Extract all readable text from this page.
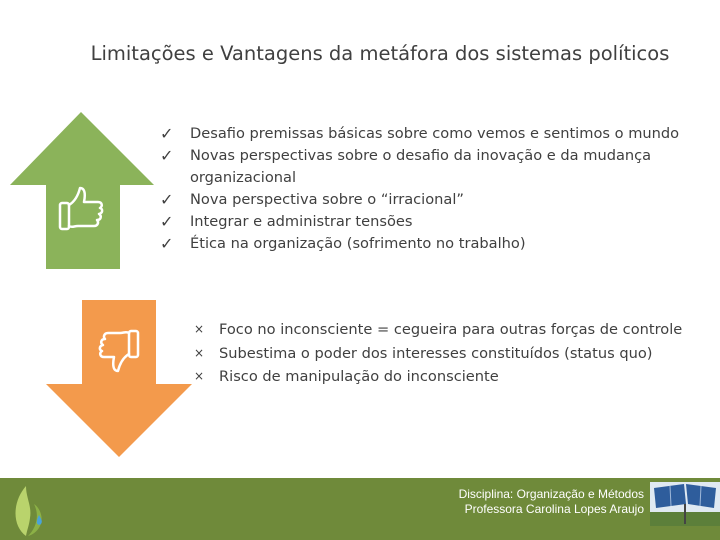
Limitações e Vantagens da metáfora dos sistemas políticos
✓	Desafio premissas básicas sobre como vemos e sentimos o mundo
✓	Novas perspectivas sobre o desafio da inovação e da mudança
organizacional
✓	Nova perspectiva sobre o “irracional”
✓	Integrar e administrar tensões
✓	Ética na organização (sofrimento no trabalho)
×	Foco no inconsciente = cegueira para outras forças de controle
×	Subestima o poder dos interesses constituídos (status quo)
×	Risco de manipulação do inconsciente
Disciplina: Organização e Métodos
Professora Carolina Lopes Araujo
